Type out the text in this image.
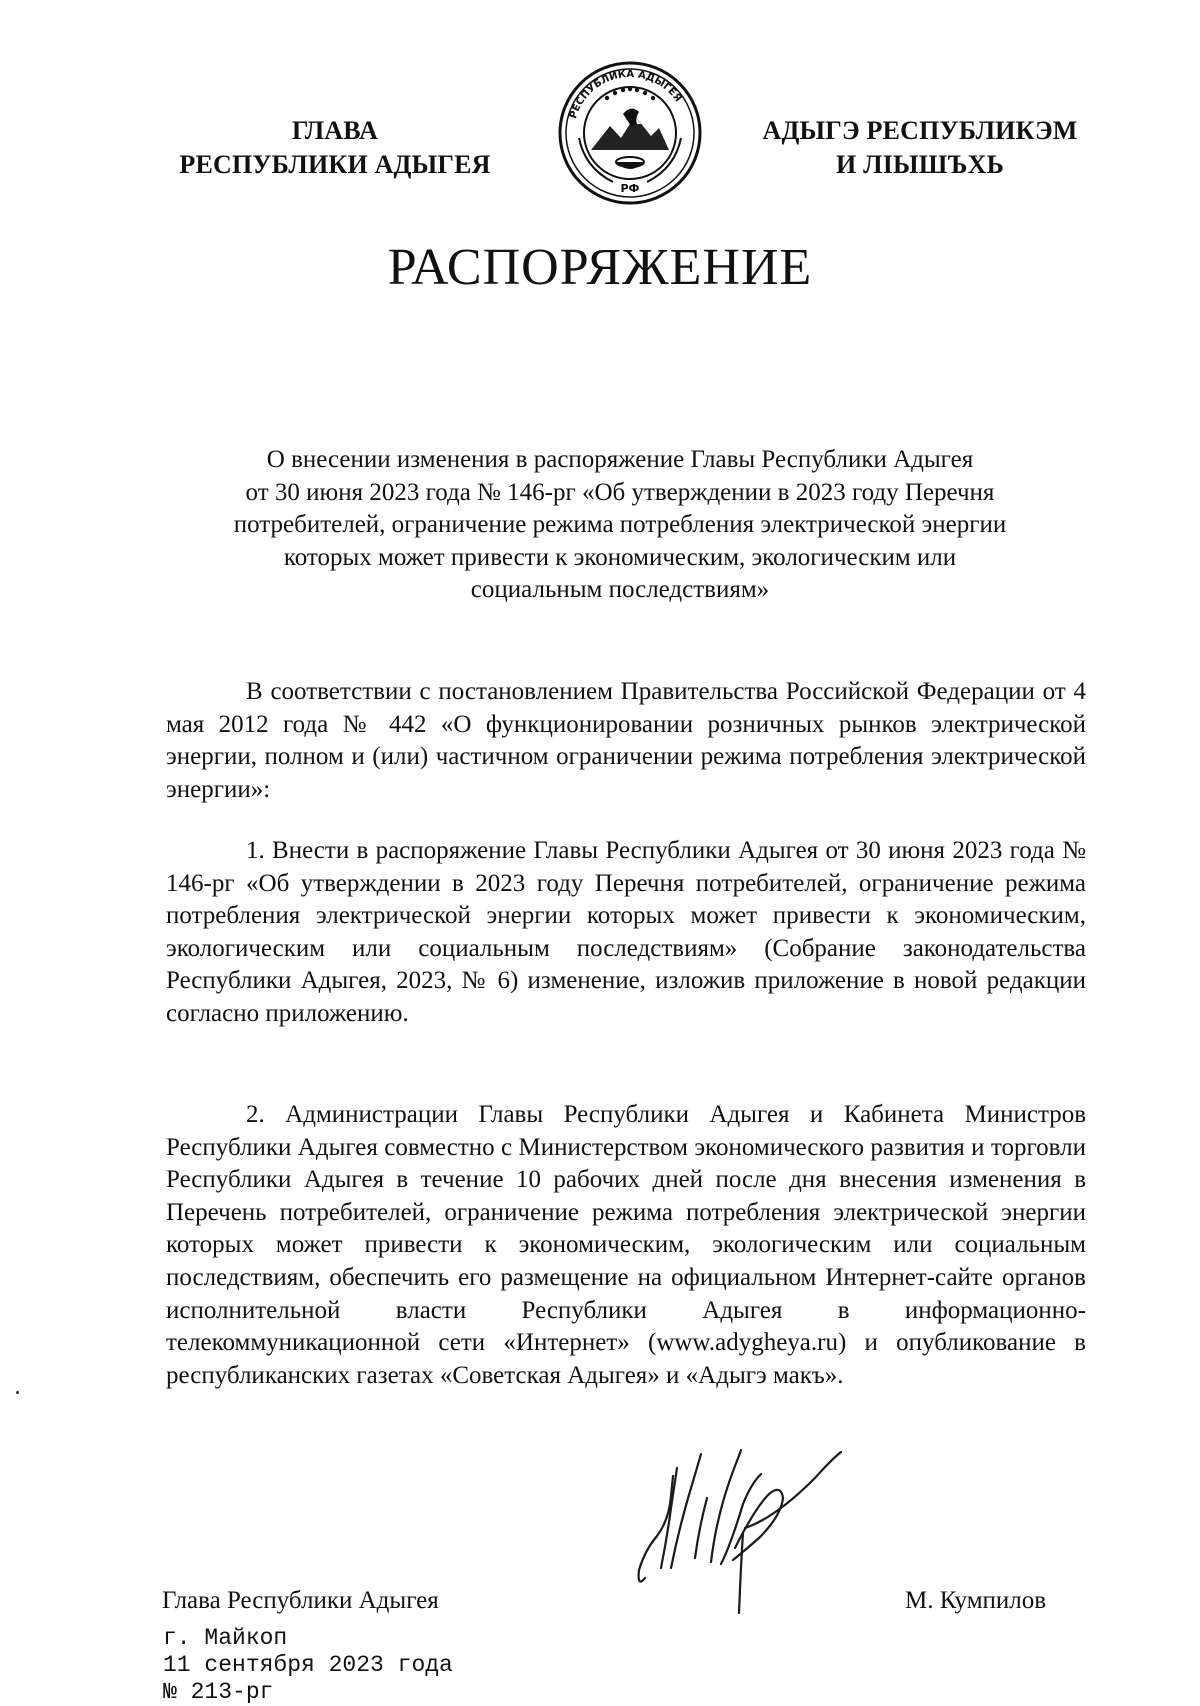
ГЛАВА
РЕСПУБЛИКИ АДЫГЕЯ
РЕСПУБЛИКА АДЫГЕЯ
РФ
АДЫГЭ РЕСПУБЛИКЭМ
И ЛІЫШЪХЬ
РАСПОРЯЖЕНИЕ
О внесении изменения в распоряжение Главы Республики Адыгея
от 30 июня 2023 года № 146-рг «Об утверждении в 2023 году Перечня
потребителей, ограничение режима потребления электрической энергии
которых может привести к экономическим, экологическим или
социальным последствиям»
В соответствии с постановлением Правительства Российской Федерации от 4 мая 2012 года № 442 «О функционировании розничных рынков электрической энергии, полном и (или) частичном ограничении режима потребления электрической энергии»:
1. Внести в распоряжение Главы Республики Адыгея от 30 июня 2023 года № 146-рг «Об утверждении в 2023 году Перечня потребителей, ограничение режима потребления электрической энергии которых может привести к экономическим, экологическим или социальным последствиям» (Собрание законодательства Республики Адыгея, 2023, № 6) изменение, изложив приложение в новой редакции согласно приложению.
2. Администрации Главы Республики Адыгея и Кабинета Министров Республики Адыгея совместно с Министерством экономического развития и торговли Республики Адыгея в течение 10 рабочих дней после дня внесения изменения в Перечень потребителей, ограничение режима потребления электрической энергии которых может привести к экономическим, экологическим или социальным последствиям, обеспечить его размещение на официальном Интернет-сайте органов исполнительной власти Республики Адыгея в информационно-телекоммуникационной сети «Интернет» (www.adygheya.ru) и опубликование в республиканских газетах «Советская Адыгея» и «Адыгэ макъ».
Глава Республики Адыгея	М. Кумпилов
г. Майкоп
11 сентября 2023 года
№ 213-рг
